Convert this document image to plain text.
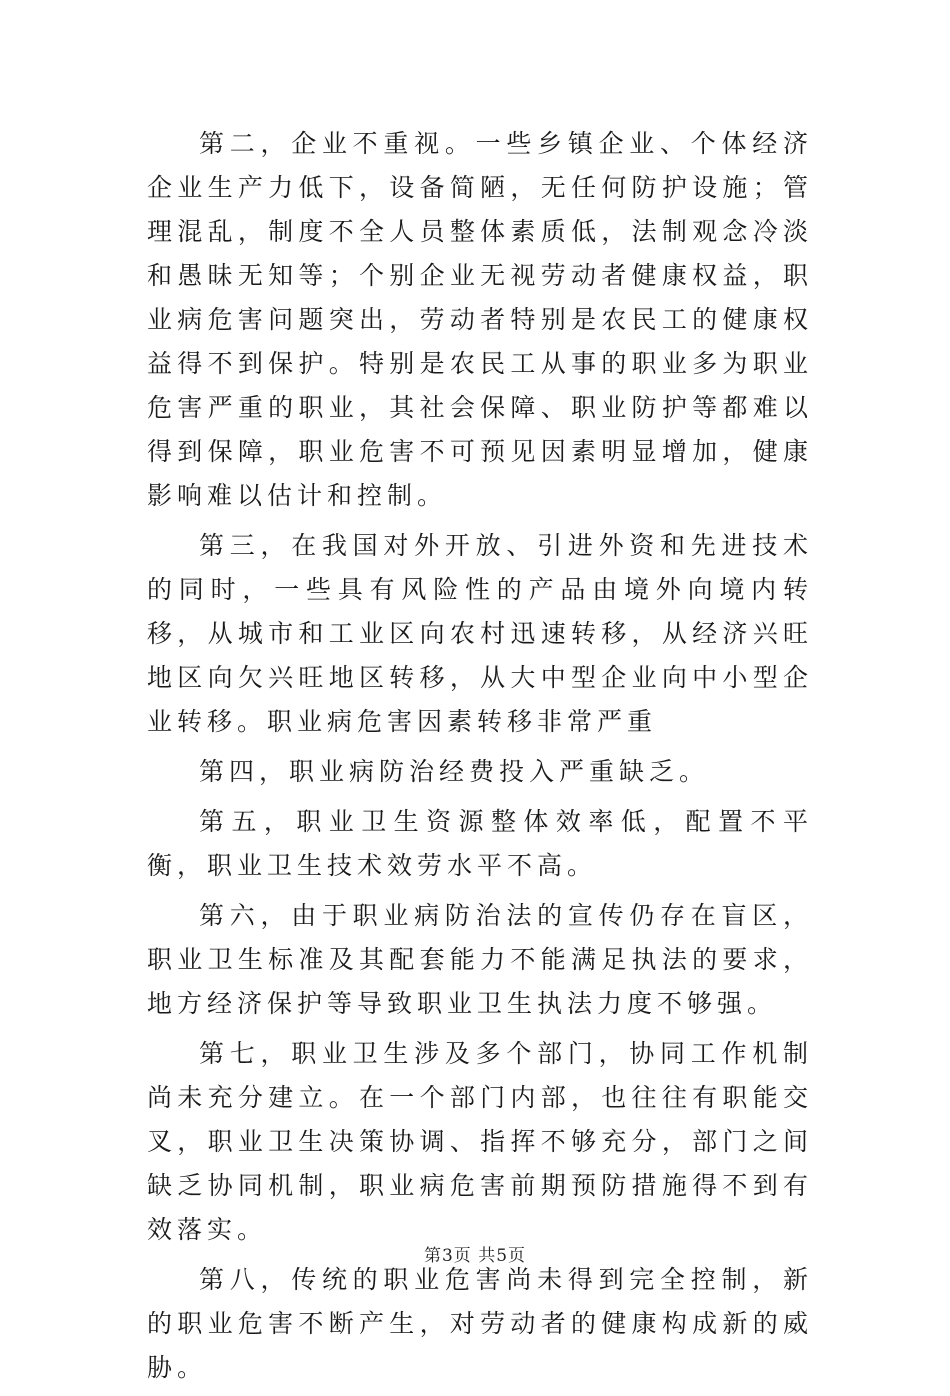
第二，企业不重视。一些乡镇企业、个体经济企业生产力低下，设备简陋，无任何防护设施；管理混乱，制度不全人员整体素质低，法制观念冷淡和愚昧无知等；个别企业无视劳动者健康权益，职业病危害问题突出，劳动者特别是农民工的健康权益得不到保护。特别是农民工从事的职业多为职业危害严重的职业，其社会保障、职业防护等都难以得到保障，职业危害不可预见因素明显增加，健康影响难以估计和控制。

第三，在我国对外开放、引进外资和先进技术的同时，一些具有风险性的产品由境外向境内转移，从城市和工业区向农村迅速转移，从经济兴旺地区向欠兴旺地区转移，从大中型企业向中小型企业转移。职业病危害因素转移非常严重

第四，职业病防治经费投入严重缺乏。

第五，职业卫生资源整体效率低，配置不平衡，职业卫生技术效劳水平不高。

第六，由于职业病防治法的宣传仍存在盲区，职业卫生标准及其配套能力不能满足执法的要求，地方经济保护等导致职业卫生执法力度不够强。

第七，职业卫生涉及多个部门，协同工作机制尚未充分建立。在一个部门内部，也往往有职能交叉，职业卫生决策协调、指挥不够充分，部门之间缺乏协同机制，职业病危害前期预防措施得不到有效落实。

第八，传统的职业危害尚未得到完全控制，新的职业危害不断产生，对劳动者的健康构成新的威胁。

第3页 共5页
